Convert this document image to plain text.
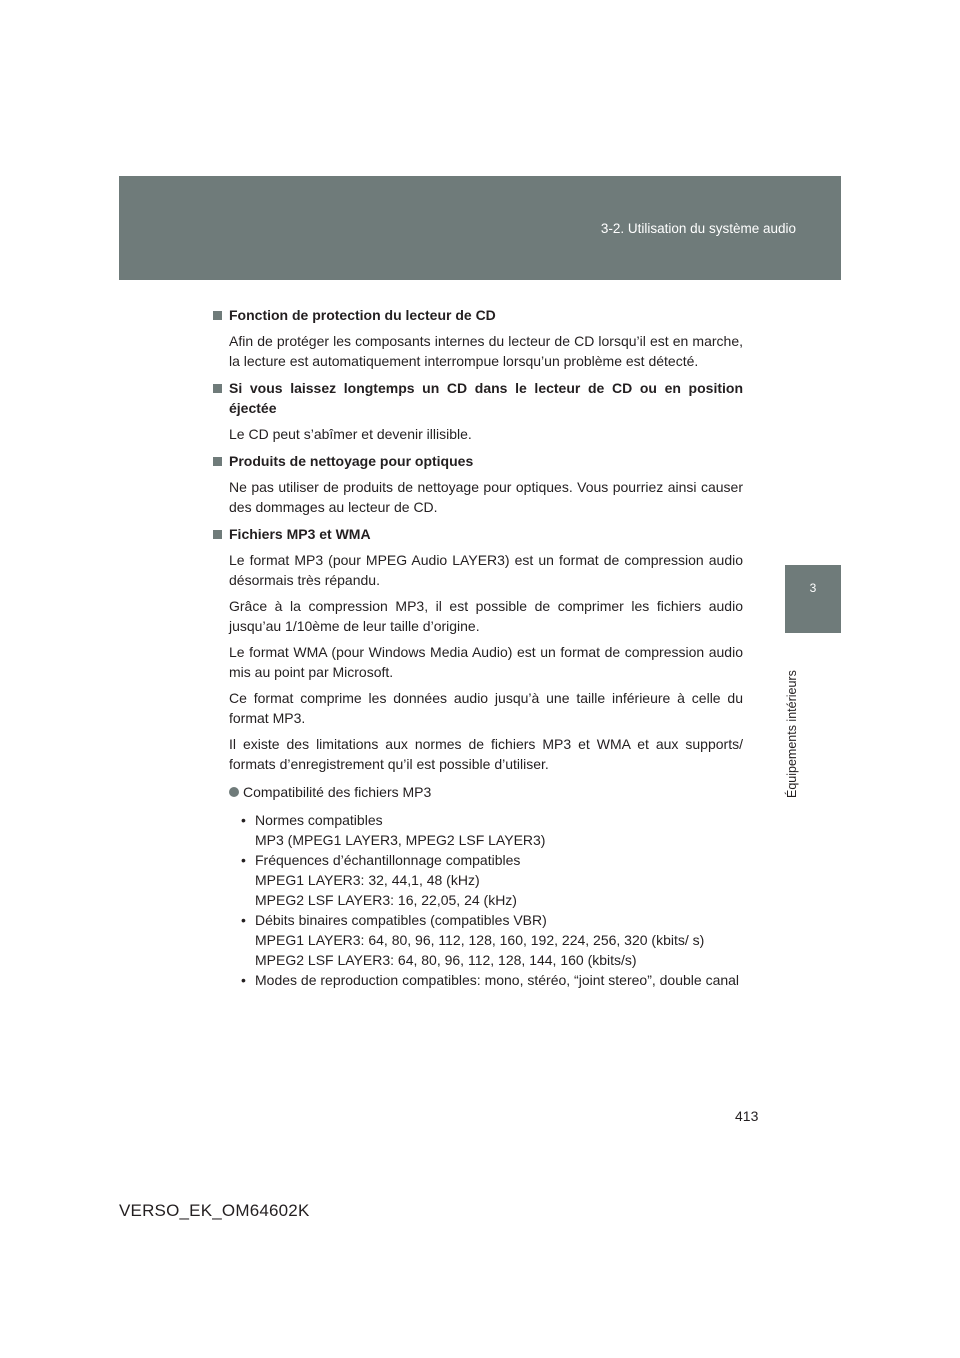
3-2. Utilisation du système audio
3
Équipements intérieurs
Fonction de protection du lecteur de CD
Afin de protéger les composants internes du lecteur de CD lorsqu’il est en marche, la lecture est automatiquement interrompue lorsqu’un problème est détecté.
Si vous laissez longtemps un CD dans le lecteur de CD ou en position éjectée
Le CD peut s’abîmer et devenir illisible.
Produits de nettoyage pour optiques
Ne pas utiliser de produits de nettoyage pour optiques. Vous pourriez ainsi causer des dommages au lecteur de CD.
Fichiers MP3 et WMA
Le format MP3 (pour MPEG Audio LAYER3) est un format de compression audio désormais très répandu.
Grâce à la compression MP3, il est possible de comprimer les fichiers audio jusqu’au 1/10ème de leur taille d’origine.
Le format WMA (pour Windows Media Audio) est un format de compression audio mis au point par Microsoft.
Ce format comprime les données audio jusqu’à une taille inférieure à celle du format MP3.
Il existe des limitations aux normes de fichiers MP3 et WMA et aux supports/ formats d’enregistrement qu’il est possible d’utiliser.
Compatibilité des fichiers MP3
• Normes compatibles
MP3 (MPEG1 LAYER3, MPEG2 LSF LAYER3)
• Fréquences d’échantillonnage compatibles
MPEG1 LAYER3: 32, 44,1, 48 (kHz)
MPEG2 LSF LAYER3: 16, 22,05, 24 (kHz)
• Débits binaires compatibles (compatibles VBR)
MPEG1 LAYER3: 64, 80, 96, 112, 128, 160, 192, 224, 256, 320 (kbits/ s)
MPEG2 LSF LAYER3: 64, 80, 96, 112, 128, 144, 160 (kbits/s)
• Modes de reproduction compatibles: mono, stéréo, “joint stereo”, double canal
413
VERSO_EK_OM64602K
